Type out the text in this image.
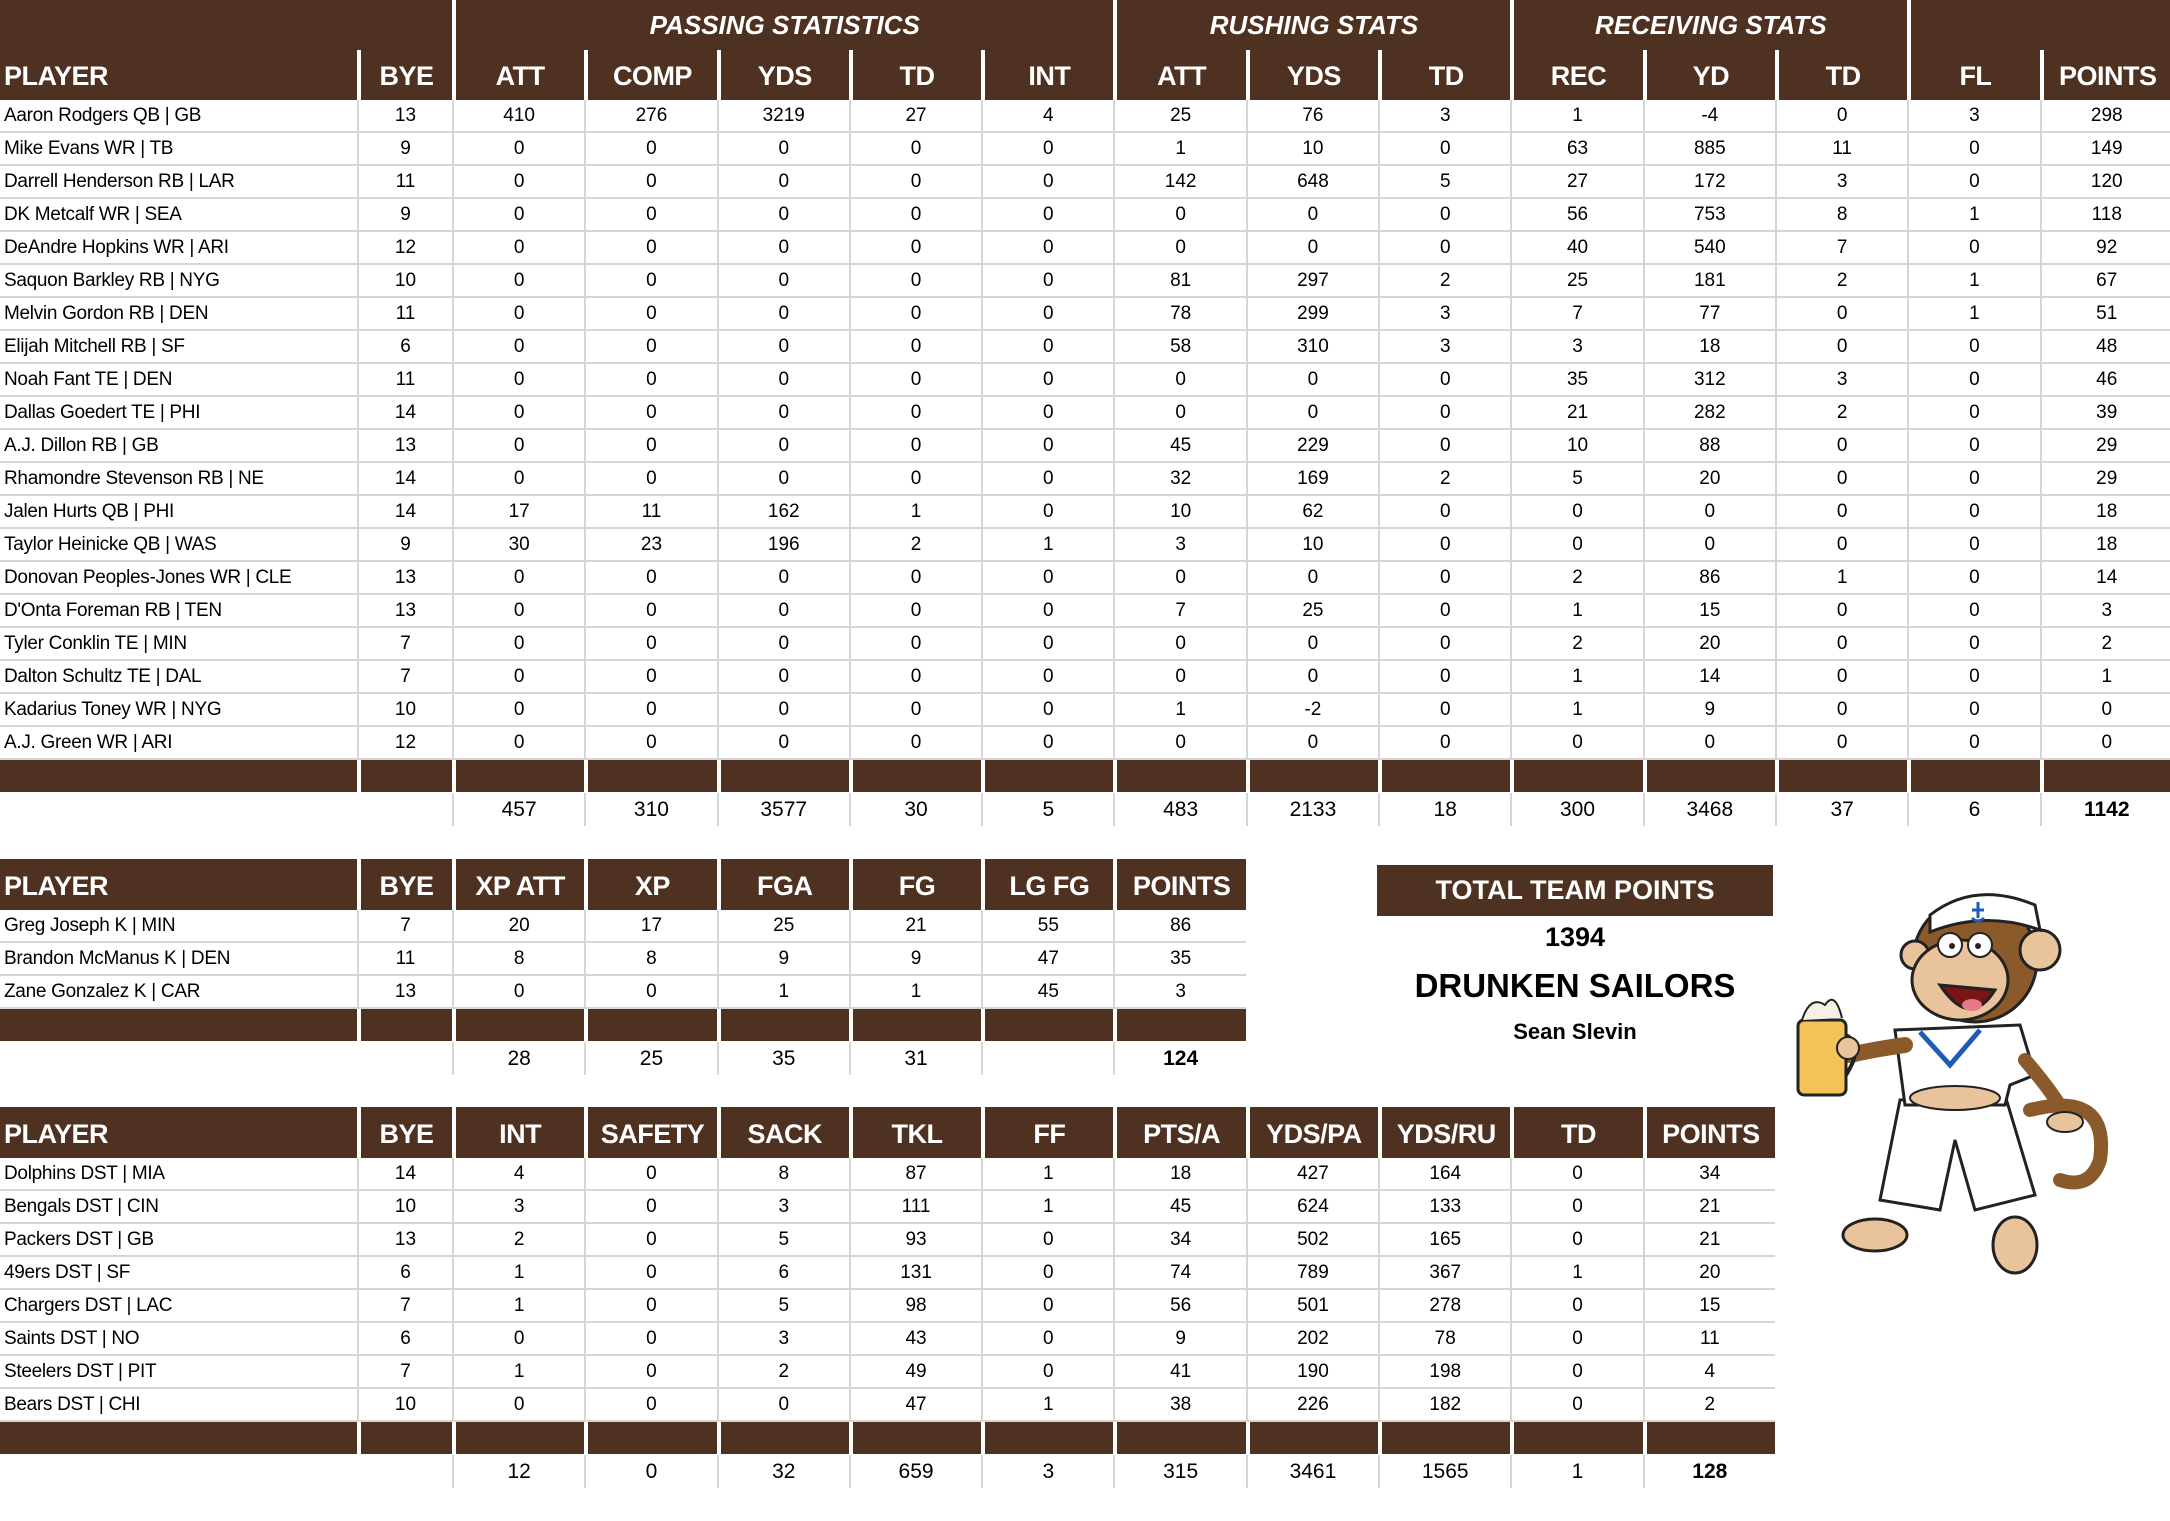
		PASSING STATISTICS					RUSHING STATS			RECEIVING STATS				
PLAYER	BYE	ATT	COMP	YDS	TD	INT	ATT	YDS	TD	REC	YD	TD	FL	POINTS
Aaron Rodgers QB | GB	13	410	276	3219	27	4	25	76	3	1	-4	0	3	298
Mike Evans WR | TB	9	0	0	0	0	0	1	10	0	63	885	11	0	149
Darrell Henderson RB | LAR	11	0	0	0	0	0	142	648	5	27	172	3	0	120
DK Metcalf WR | SEA	9	0	0	0	0	0	0	0	0	56	753	8	1	118
DeAndre Hopkins WR | ARI	12	0	0	0	0	0	0	0	0	40	540	7	0	92
Saquon Barkley RB | NYG	10	0	0	0	0	0	81	297	2	25	181	2	1	67
Melvin Gordon RB | DEN	11	0	0	0	0	0	78	299	3	7	77	0	1	51
Elijah Mitchell RB | SF	6	0	0	0	0	0	58	310	3	3	18	0	0	48
Noah Fant TE | DEN	11	0	0	0	0	0	0	0	0	35	312	3	0	46
Dallas Goedert TE | PHI	14	0	0	0	0	0	0	0	0	21	282	2	0	39
A.J. Dillon RB | GB	13	0	0	0	0	0	45	229	0	10	88	0	0	29
Rhamondre Stevenson RB | NE	14	0	0	0	0	0	32	169	2	5	20	0	0	29
Jalen Hurts QB | PHI	14	17	11	162	1	0	10	62	0	0	0	0	0	18
Taylor Heinicke QB | WAS	9	30	23	196	2	1	3	10	0	0	0	0	0	18
Donovan Peoples-Jones WR | CLE	13	0	0	0	0	0	0	0	0	2	86	1	0	14
D'Onta Foreman RB | TEN	13	0	0	0	0	0	7	25	0	1	15	0	0	3
Tyler Conklin TE | MIN	7	0	0	0	0	0	0	0	0	2	20	0	0	2
Dalton Schultz TE | DAL	7	0	0	0	0	0	0	0	0	1	14	0	0	1
Kadarius Toney WR | NYG	10	0	0	0	0	0	1	-2	0	1	9	0	0	0
A.J. Green WR | ARI	12	0	0	0	0	0	0	0	0	0	0	0	0	0

		457	310	3577	30	5	483	2133	18	300	3468	37	6	1142
PLAYER	BYE	XP ATT	XP	FGA	FG	LG FG	POINTS
Greg Joseph K | MIN	7	20	17	25	21	55	86
Brandon McManus K | DEN	11	8	8	9	9	47	35
Zane Gonzalez K | CAR	13	0	0	1	1	45	3

		28	25	35	31		124
PLAYER	BYE	INT	SAFETY	SACK	TKL	FF	PTS/A	YDS/PA	YDS/RU	TD	POINTS
Dolphins DST | MIA	14	4	0	8	87	1	18	427	164	0	34
Bengals DST | CIN	10	3	0	3	111	1	45	624	133	0	21
Packers DST | GB	13	2	0	5	93	0	34	502	165	0	21
49ers DST | SF	6	1	0	6	131	0	74	789	367	1	20
Chargers DST | LAC	7	1	0	5	98	0	56	501	278	0	15
Saints DST | NO	6	0	0	3	43	0	9	202	78	0	11
Steelers DST | PIT	7	1	0	2	49	0	41	190	198	0	4
Bears DST | CHI	10	0	0	0	47	1	38	226	182	0	2

		12	0	32	659	3	315	3461	1565	1	128
TOTAL TEAM POINTS
1394
DRUNKEN SAILORS
Sean Slevin
